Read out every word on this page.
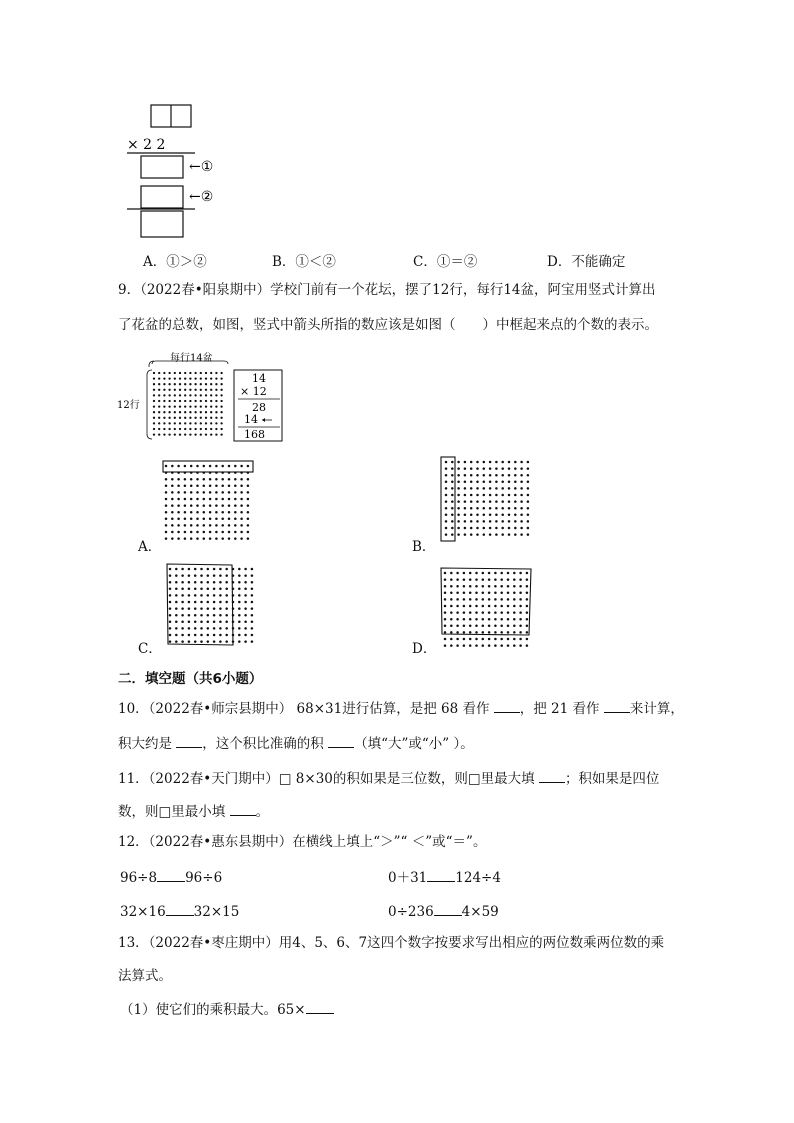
× 2 2
←①
←②
A．①＞②	B．①＜②	C．①＝②	D．不能确定
9．（2022春•阳泉期中）学校门前有一个花坛，摆了12行，每行14盆，阿宝用竖式计算出
了花盆的总数，如图，竖式中箭头所指的数应该是如图（　　）中框起来点的个数的表示。
每行14盆
12行
14
× 12
28
14
168
A．	B．
C．	D．
二．填空题（共6小题）
10．（2022春•师宗县期中） 68×31进行估算，是把 68 看作 ，把 21 看作 来计算，
积大约是 ，这个积比准确的积 （填“大”或“小” ）。
11．（2022春•天门期中）□ 8×30的积如果是三位数，则□里最大填 ；积如果是四位
数，则□里最小填 。
12．（2022春•惠东县期中）在横线上填上“＞”“ ＜”或“＝”。
96÷8 96÷6	0＋31 124÷4
32×16 32×15	0÷236 4×59
13．（2022春•枣庄期中）用4、5、6、7这四个数字按要求写出相应的两位数乘两位数的乘
法算式。
（1）使它们的乘积最大。65×
